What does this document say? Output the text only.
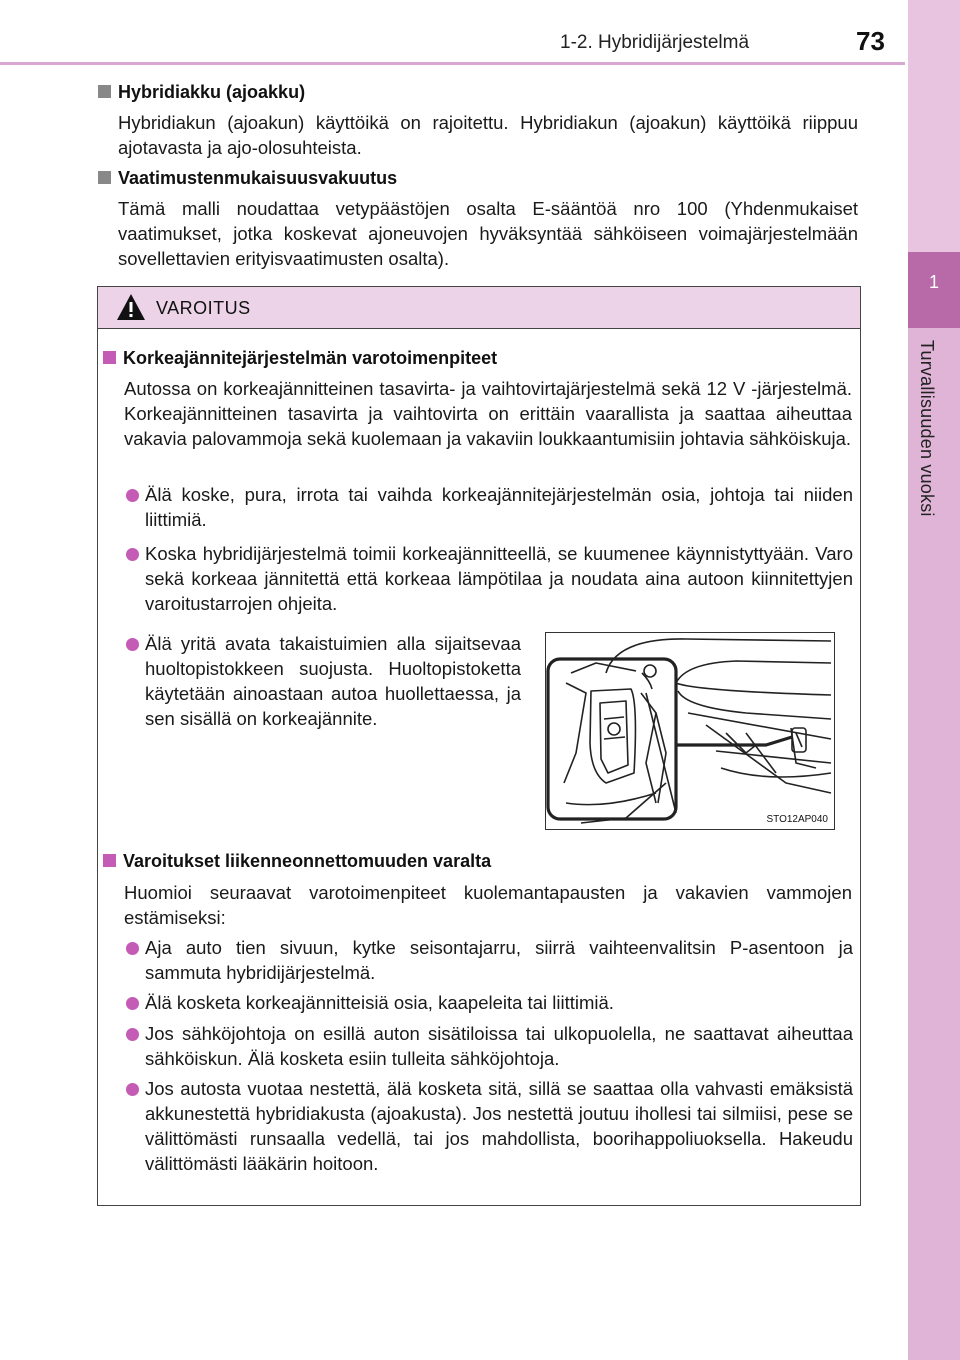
1-2. Hybridijärjestelmä	73
1
Turvallisuuden vuoksi
Hybridiakku (ajoakku)
Hybridiakun (ajoakun) käyttöikä on rajoitettu. Hybridiakun (ajoakun) käyttöikä riippuu ajotavasta ja ajo-olosuhteista.
Vaatimustenmukaisuusvakuutus
Tämä malli noudattaa vetypäästöjen osalta E-sääntöä nro 100 (Yhdenmukaiset vaatimukset, jotka koskevat ajoneuvojen hyväksyntää sähköiseen voimajärjestelmään sovellettavien erityisvaatimusten osalta).
VAROITUS
Korkeajännitejärjestelmän varotoimenpiteet
Autossa on korkeajännitteinen tasavirta- ja vaihtovirtajärjestelmä sekä 12 V -järjestelmä. Korkeajännitteinen tasavirta ja vaihtovirta on erittäin vaarallista ja saattaa aiheuttaa vakavia palovammoja sekä kuolemaan ja vakaviin loukkaantumisiin johtavia sähköiskuja.
Älä koske, pura, irrota tai vaihda korkeajännitejärjestelmän osia, johtoja tai niiden liittimiä.
Koska hybridijärjestelmä toimii korkeajännitteellä, se kuumenee käynnistyttyään. Varo sekä korkeaa jännitettä että korkeaa lämpötilaa ja noudata aina autoon kiinnitettyjen varoitustarrojen ohjeita.
Älä yritä avata takaistuimien alla sijaitsevaa huoltopistokkeen suojusta. Huoltopistoketta käytetään ainoastaan autoa huollettaessa, ja sen sisällä on korkeajännite.
STO12AP040
Varoitukset liikenneonnettomuuden varalta
Huomioi seuraavat varotoimenpiteet kuolemantapausten ja vakavien vammojen estämiseksi:
Aja auto tien sivuun, kytke seisontajarru, siirrä vaihteenvalitsin P-asentoon ja sammuta hybridijärjestelmä.
Älä kosketa korkeajännitteisiä osia, kaapeleita tai liittimiä.
Jos sähköjohtoja on esillä auton sisätiloissa tai ulkopuolella, ne saattavat aiheuttaa sähköiskun. Älä kosketa esiin tulleita sähköjohtoja.
Jos autosta vuotaa nestettä, älä kosketa sitä, sillä se saattaa olla vahvasti emäksistä akkunestettä hybridiakusta (ajoakusta). Jos nestettä joutuu ihollesi tai silmiisi, pese se välittömästi runsaalla vedellä, tai jos mahdollista, boorihappoliuoksella. Hakeudu välittömästi lääkärin hoitoon.
